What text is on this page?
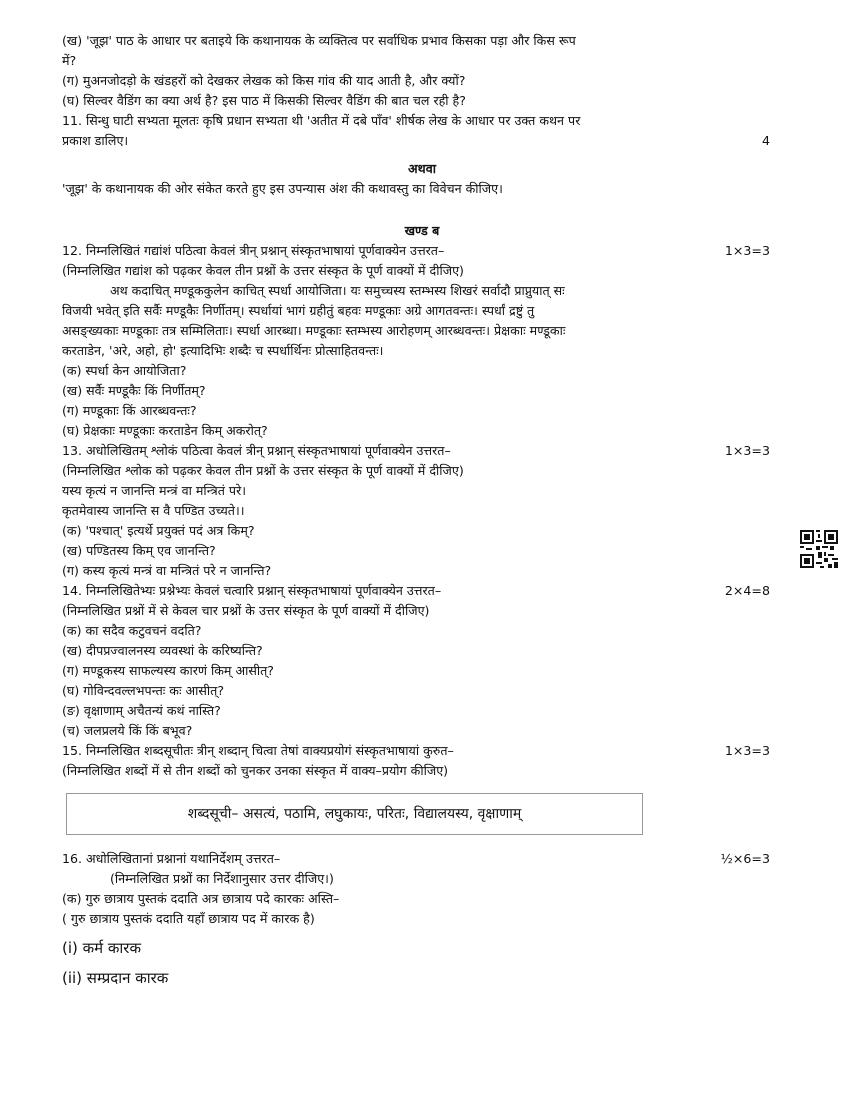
(ख) 'जूझ' पाठ के आधार पर बताइये कि कथानायक के व्यक्तित्व पर सर्वाधिक प्रभाव किसका पड़ा और किस रूप
में?
(ग) मुअनजोदड़ो के खंडहरों को देखकर लेखक को किस गांव की याद आती है, और क्यों?
(घ) सिल्वर वैडिंग का क्या अर्थ है? इस पाठ में किसकी सिल्वर वैडिंग की बात चल रही है?
11. सिन्धु घाटी सभ्यता मूलतः कृषि प्रधान सभ्यता थी 'अतीत में दबे पाँव' शीर्षक लेख के आधार पर उक्त कथन पर
प्रकाश डालिए।	4
अथवा
'जूझ' के कथानायक की ओर संकेत करते हुए इस उपन्यास अंश की कथावस्तु का विवेचन कीजिए।
खण्ड ब
12. निम्नलिखितं गद्यांशं पठित्वा केवलं त्रीन् प्रश्नान् संस्कृतभाषायां पूर्णवाक्येन उत्तरत–	1×3=3
(निम्नलिखित गद्यांश को पढ़कर केवल तीन प्रश्नों के उत्तर संस्कृत के पूर्ण वाक्यों में दीजिए)
अथ कदाचित् मण्डूककुलेन काचित् स्पर्धा आयोजिता। यः समुच्चस्य स्तम्भस्य शिखरं सर्वादौ प्राप्नुयात् सः
विजयी भवेत् इति सर्वैः मण्डूकैः निर्णीतम्। स्पर्धायां भागं ग्रहीतुं बहवः मण्डूकाः अग्रे आगतवन्तः। स्पर्धां द्रष्टुं तु
असङ्ख्यकाः मण्डूकाः तत्र सम्मिलिताः। स्पर्धा आरब्धा। मण्डूकाः स्तम्भस्य आरोहणम् आरब्धवन्तः। प्रेक्षकाः मण्डूकाः
करताडेन, 'अरे, अहो, हो' इत्यादिभिः शब्दैः च स्पर्धार्थिनः प्रोत्साहितवन्तः।
(क) स्पर्धा केन आयोजिता?
(ख) सर्वैः मण्डूकैः किं निर्णीतम्?
(ग) मण्डूकाः किं आरब्धवन्तः?
(घ) प्रेक्षकाः मण्डूकाः करताडेन किम् अकरोत्?
13. अधोलिखितम् श्लोकं पठित्वा केवलं त्रीन् प्रश्नान् संस्कृतभाषायां पूर्णवाक्येन उत्तरत–	1×3=3
(निम्नलिखित श्लोक को पढ़कर केवल तीन प्रश्नों के उत्तर संस्कृत के पूर्ण वाक्यों में दीजिए)
यस्य कृत्यं न जानन्ति मन्त्रं वा मन्त्रितं परे।
कृतमेवास्य जानन्ति स वै पण्डित उच्यते।।
(क) 'पश्चात्' इत्यर्थे प्रयुक्तं पदं अत्र किम्?
(ख) पण्डितस्य किम् एव जानन्ति?
(ग) कस्य कृत्यं मन्त्रं वा मन्त्रितं परे न जानन्ति?
14. निम्नलिखितेभ्यः प्रश्नेभ्यः केवलं चत्वारि प्रश्नान् संस्कृतभाषायां पूर्णवाक्येन उत्तरत–	2×4=8
(निम्नलिखित प्रश्नों में से केवल चार प्रश्नों के उत्तर संस्कृत के पूर्ण वाक्यों में दीजिए)
(क) का सदैव कटुवचनं वदति?
(ख) दीपप्रज्वालनस्य व्यवस्थां के करिष्यन्ति?
(ग) मण्डूकस्य साफल्यस्य कारणं किम् आसीत्?
(घ) गोविन्दवल्लभपन्तः कः आसीत्?
(ङ) वृक्षाणाम् अचैतन्यं कथं नास्ति?
(च) जलप्रलये किं किं बभूव?
15. निम्नलिखित शब्दसूचीतः त्रीन् शब्दान् चित्वा तेषां वाक्यप्रयोगं संस्कृतभाषायां कुरुत–	1×3=3
(निम्नलिखित शब्दों में से तीन शब्दों को चुनकर उनका संस्कृत में वाक्य–प्रयोग कीजिए)
शब्दसूची– असत्यं, पठामि, लघुकायः, परितः, विद्यालयस्य, वृक्षाणाम्
16. अधोलिखितानां प्रश्नानां यथानिर्देशम् उत्तरत–	½×6=3
(निम्नलिखित प्रश्नों का निर्देशानुसार उत्तर दीजिए।)
(क) गुरु छात्राय पुस्तकं ददाति अत्र छात्राय पदे कारकः अस्ति–
( गुरु छात्राय पुस्तकं ददाति यहाँ छात्राय पद में कारक है)
(i) कर्म कारक
(ii) सम्प्रदान कारक
